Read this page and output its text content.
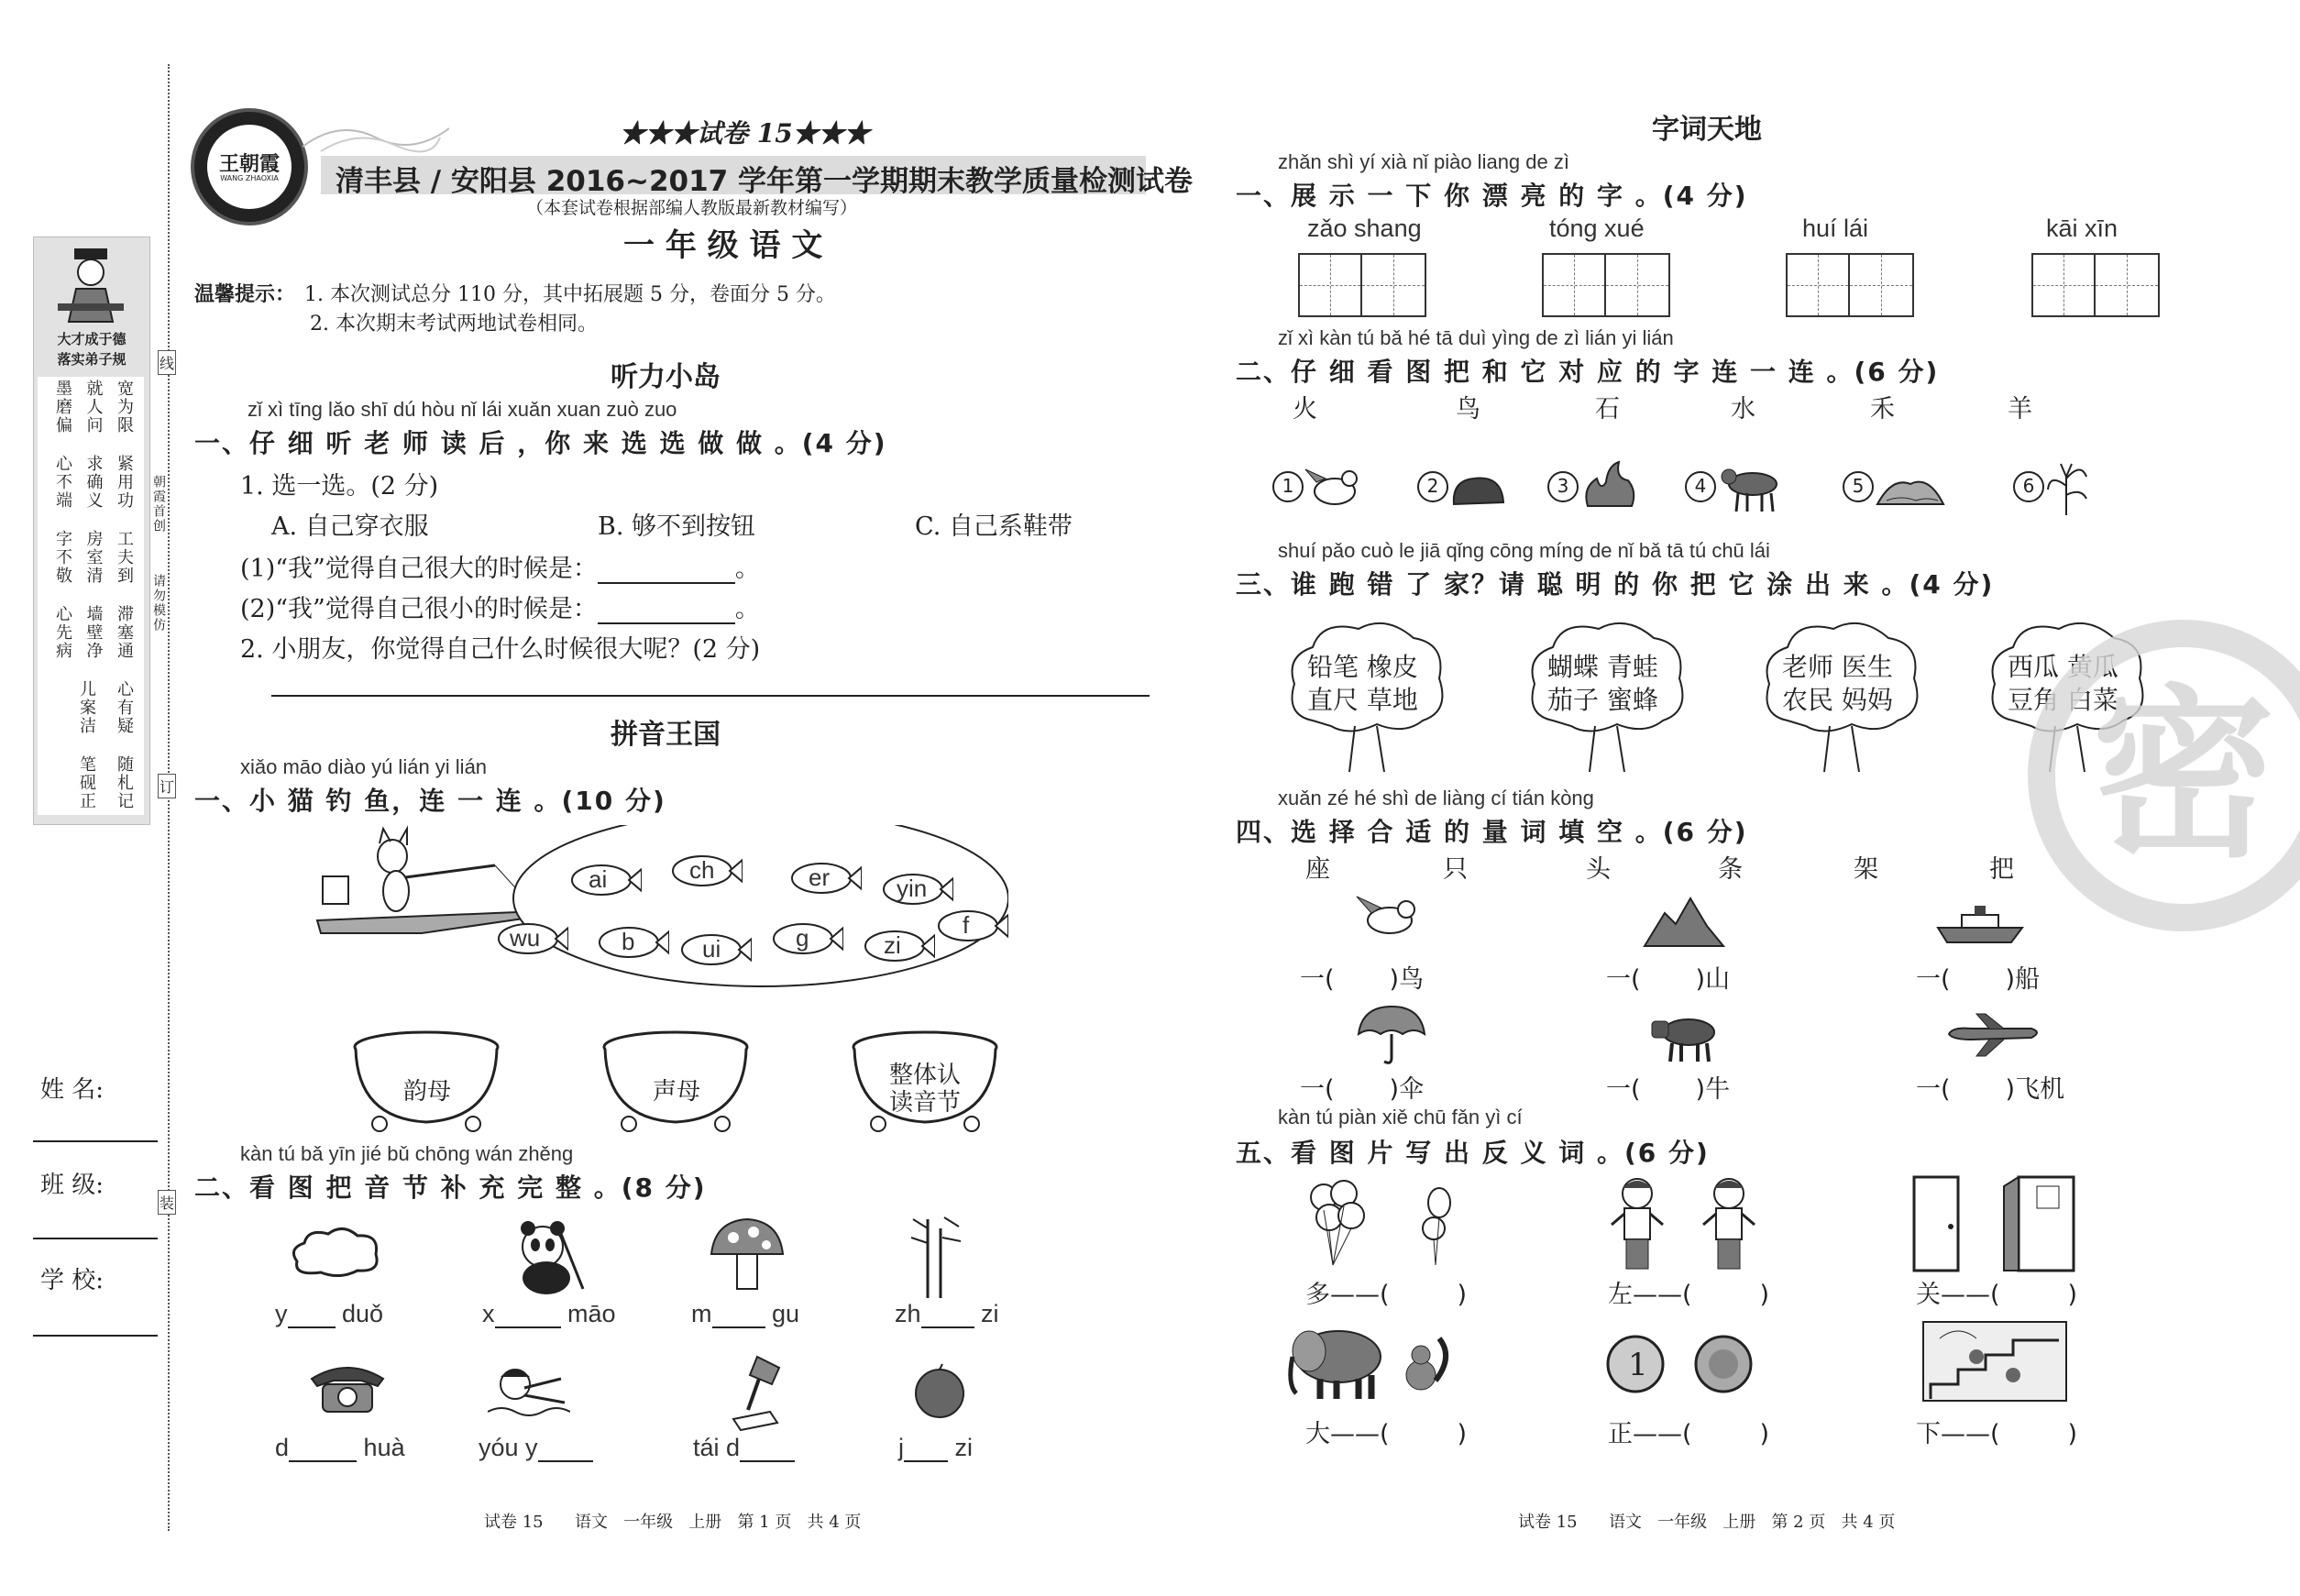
大才成于德
落实弟子规
墨磨偏 就人问 宽为限
心不端 求确义 紧用功
字不敬 房室清 工夫到
心先病 墙壁净 滞塞通
儿案洁 心有疑
笔砚正 随札记
线
朝霞首创
请勿模仿
订
装
姓 名:
班 级:
学 校:
王朝霞
WANG ZHAOXIA
★★★试卷 15★★★
清丰县 / 安阳县 2016~2017 学年第一学期期末教学质量检测试卷
（本套试卷根据部编人教版最新教材编写）
一 年 级 语 文
温馨提示： 1. 本次测试总分 110 分，其中拓展题 5 分，卷面分 5 分。
2. 本次期末考试两地试卷相同。
听力小岛
zǐ xì tīng lǎo shī dú hòu nǐ lái xuǎn xuan zuò zuo
一、仔 细 听 老 师 读 后 ，你 来 选 选 做 做 。(4 分)
1. 选一选。(2 分)
A. 自己穿衣服	B. 够不到按钮	C. 自己系鞋带
(1)“我”觉得自己很大的时候是：	。
(2)“我”觉得自己很小的时候是：	。
2. 小朋友，你觉得自己什么时候很大呢？(2 分)
拼音王国
xiǎo māo diào yú lián yi lián
一、小 猫 钓 鱼，连 一 连 。(10 分)
ai	ch	er	yin
wu	b	ui	g	zi
f
韵母	声母
整体认读音节
kàn tú bǎ yīn jié bǔ chōng wán zhěng
二、看 图 把 音 节 补 充 完 整 。(8 分)
y duǒ	x	māo	m gu	zh zi
d	huà	yóu y	tái d	j zi
试卷 15      语文   一年级   上册   第 1 页   共 4 页
字词天地
zhǎn shì yí xià nǐ piào liang de zì
一、展 示 一 下 你 漂 亮 的 字 。(4 分)
zǎo shang	tóng xué	huí lái	kāi xīn
zǐ xì kàn tú bǎ hé tā duì yìng de zì lián yi lián
二、仔 细 看 图 把 和 它 对 应 的 字 连 一 连 。(6 分)
火	鸟	石	水	禾	羊
1	2	3	4	5	6
shuí pǎo cuò le jiā qǐng cōng míng de nǐ bǎ tā tú chū lái
三、谁 跑 错 了 家？请 聪 明 的 你 把 它 涂 出 来 。(4 分)
铅笔 橡皮
直尺 草地
蝴蝶 青蛙
茄子 蜜蜂
老师 医生
农民 妈妈
西瓜 黄瓜
豆角 白菜
xuǎn zé hé shì de liàng cí tián kòng
四、选 择 合 适 的 量 词 填 空 。(6 分)
座	只	头	条	架	把
一( )鸟	一( )山	一( )船
一( )伞	一( )牛	一( )飞机
kàn tú piàn xiě chū fǎn yì cí
五、看 图 片 写 出 反 义 词 。(6 分)
多——(	)	左——(	)	关——(	)
1
大——(	)	正——(	)	下——(	)
试卷 15      语文   一年级   上册   第 2 页   共 4 页
密
